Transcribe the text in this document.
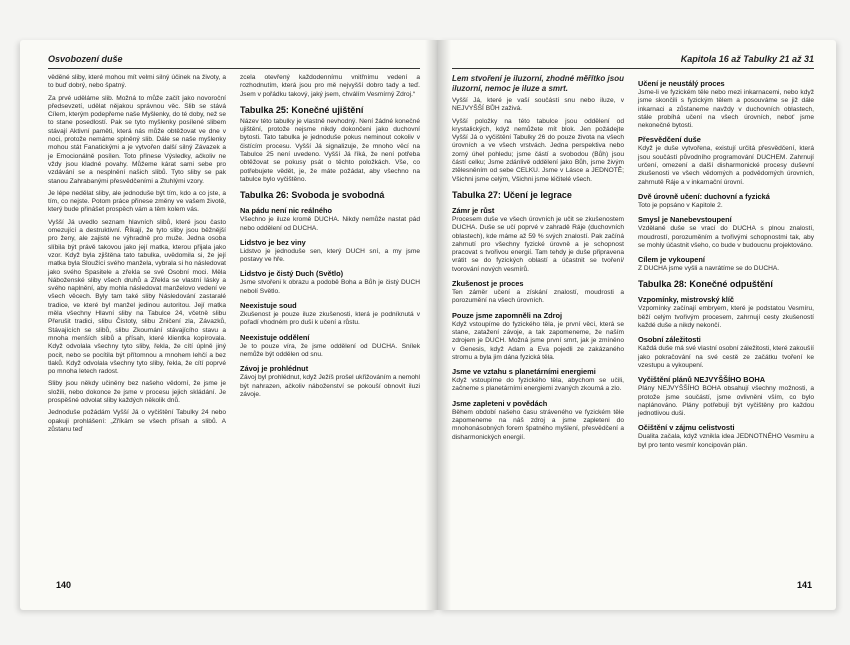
Osvobození duše

věděné sliby, které mohou mít velmi silný účinek na životy, a to buď dobrý, nebo špatný.

Za prvé uděláme slib. Možná to může začít jako novoroční předsevzetí, udělat nějakou správnou věc. Slib se stává Cílem, kterým podepřeme naše Myšlenky, do té doby, než se to stane posedlostí. Pak se tyto myšlenky posílené slibem stávají Aktivní paměti, která nás může obtěžovat ve dne v noci, protože nemáme splněný slib. Dále se naše myšlenky mohou stát Fanatickými a je vytvořen další silný Závazek a je Emocionálně posílen. Toto přinese Výsledky, ačkoliv ne vždy jsou kladné povahy. Můžeme kárat sami sebe pro vzdávání se a nesplnění našich slibů. Tyto sliby se pak stanou Zahrabanými přesvědčeními a Ztuhlými vzory.

Je lépe nedělat sliby, ale jednoduše být tím, kdo a co jste, a tím, co nejste. Potom práce přinese změny ve vašem životě, který bude přinášet prospěch vám a těm kolem vás.

Vyšší Já uvedlo seznam hlavních slibů, které jsou často omezující a destruktivní. Říkají, že tyto sliby jsou běžnější pro ženy, ale zajisté ne výhradně pro muže. Jedna osoba slíbila být právě takovou jako její matka, kterou přijala jako vzor. Když byla zjištěna tato tabulka, uvědomila si, že její matka byla Sloužící svého manžela, vybrala si ho následovat jako svého Spasitele a zřekla se své Osobní moci. Měla Náboženské sliby všech druhů a Zřekla se vlastní lásky a svého naplnění, aby mohla následovat manželovo vedení ve všech věcech. Byly tam také sliby Následování zastaralé tradice, ve které byl manžel jedinou autoritou. Její matka měla všechny Hlavní sliby na Tabulce 24, včetně slibu Přerušit tradici, slibu Čistoty, slibu Zničení zla, Závazků, Stávajících se slibů, slibu Zkoumání stávajícího stavu a mnoha menších slibů a přísah, které klientka kopírovala. Když odvolala všechny tyto sliby, řekla, že cítí úplně jiný pocit, nebo se pocítila být přítomnou a mnohem lehčí a bez tlaků. Když odvolala všechny tyto sliby, řekla, že cítí poprvé po mnoha letech radost.

Sliby jsou někdy učiněny bez našeho vědomí, že jsme je složili, nebo dokonce že jsme v procesu jejich skládání. Je prospěšné odvolat sliby každých několik dnů.

Jednoduše požádám Vyšší Já o vyčištění Tabulky 24 nebo opakuji prohlášení: „Zříkám se všech přísah a slibů. A zůstanu teď

zcela otevřený každodennímu vnitřnímu vedení a rozhodnutím, která jsou pro mě nejvyšší dobro tady a teď. Jsem v pořádku takový, jaký jsem, chválím Vesmírný Zdroj.“

Tabulka 25: Konečné ujištění

Název této tabulky je vlastně nevhodný. Není žádné konečné ujištění, protože nejsme nikdy dokončeni jako duchovní bytosti. Tato tabulka je jednoduše pokus neminout cokoliv v čistícím procesu. Vyšší Já signalizuje, že mnoho věcí na Tabulce 25 není uvedeno. Vyšší Já říká, že není potřeba obtěžovat se pokusy psát o těchto položkách. Vše, co potřebujete vědět, je, že máte požádat, aby všechno na tabulce bylo vyčištěno.

Tabulka 26: Svoboda je svobodná
Na pádu není nic reálného

Všechno je iluze kromě DUCHA. Nikdy nemůže nastat pád nebo oddělení od DUCHA.

Lidstvo je bez viny

Lidstvo je jednoduše sen, který DUCH sní, a my jsme postavy ve hře.

Lidstvo je čistý Duch (Světlo)

Jsme stvořeni k obrazu a podobě Boha a Bůh je čistý DUCH nebolí Světlo.

Neexistuje soud

Zkušenost je pouze iluze zkušenosti, která je podníknutá v pořadí vhodném pro duši k učení a růstu.

Neexistuje oddělení

Je to pouze víra, že jsme oddělení od DUCHA. Snílek nemůže být oddělen od snu.

Závoj je prohlédnut

Závoj byl prohlédnut, když Ježíš prošel ukřižováním a nemohl být nahrazen, ačkoliv náboženství se pokouší obnovit iluzi závoje.

140
Kapitola 16 až Tabulky 21 až 31

Lem stvoření je iluzorní, zhodné měřítko jsou iluzorní, nemoc je iluze a smrt.

Vyšší Já, které je vaší součástí snu nebo iluze, v NEJVYŠŠÍ BŮH zaživá.

Vyšší položky na této tabulce jsou oddělení od krystalických, když nemůžete mít blok. Jen požádejte Vyšší Já o vyčištění Tabulky 26 do pouze života na všech úrovních a ve všech vrstvách. Jedna perspektiva nebo zorný úhel pohledu; jsme částí a svobodou (Bůh) jsou částí celku; Jsme zdánlivě oddělení jako Bůh, jsme živým ztělesněním od sebe CELKU. Jsme v Lásce a JEDNOTĚ; Všichni jsme celým, Všichni jsme léčitelé všech.

Tabulka 27: Učení je legrace
Zámr je růst

Procesem duše ve všech úrovních je učit se zkušenostem DUCHA. Duše se učí poprvé v zahradě Ráje (duchovních oblastech), kde máme až 59 % svých znalostí. Pak začíná zahrnutí pro všechny fyzické úrovně a je schopnost pracovat s tvořivou energií. Tam tehdy je duše připravena vrátit se do fyzických oblastí a účastnit se tvoření/ tvorování nových vesmírů.

Zkušenost je proces

Ten záměr učení a získání znalostí, moudrosti a porozumění na všech úrovních.

Pouze jsme zapomněli na Zdroj

Když vstoupíme do fyzického těla, je první věcí, která se stane, zatažení závoje, a tak zapomeneme, že naším zdrojem je DUCH. Možná jsme první smrt, jak je zmíněno v Genesis, když Adam a Eva pojedli ze zakázaného stromu a byla jim dána fyzická těla.

Jsme ve vztahu s planetárními energiemi

Když vstoupíme do fyzického těla, abychom se učili, začneme s planetárními energiemi zvaných zkoumá a zlo.

Jsme zapleteni v povědách

Během období našeho času stráveného ve fyzickém těle zapomeneme na náš zdroj a jsme zapleteni do mnohonásobných forem špatného myšlení, přesvědčení a disharmonických energií.

Učení je neustálý proces

Jsme-li ve fyzickém těle nebo mezi inkarnacemi, nebo když jsme skončili s fyzickým tělem a posouváme se již dále inkarnaci a zůstaneme navždy v duchovních oblastech, stále probíhá učení na všech úrovních, neboť jsme nekonečné bytosti.

Přesvědčení duše

Když je duše vytvořena, existují určitá přesvědčení, která jsou součástí původního programování DUCHEM. Zahrnují určení, omezení a další disharmonické procesy duševní zkušenosti ve všech vědomých a podvědomých úrovních, zahrnutě Ráje a v inkarnační úrovní.

Dvě úrovně učení: duchovní a fyzická

Toto je popsáno v Kapitole 2.

Smysl je Nanebevstoupení

Vzdělané duše se vrací do DUCHA s plnou znalostí, moudrostí, porozuměním a tvořivými schopnostmi tak, aby se mohly účastnit všeho, co bude v budoucnu projektováno.

Cílem je vykoupení

Z DUCHA jsme vyšli a navrátíme se do DUCHA.

Tabulka 28: Konečné odpuštění
Vzpomínky, mistrovský klíč

Vzpomínky začínají embryem, které je podstatou Vesmíru, běží celým tvořivým procesem, zahrnují cesty zkušeností každé duše a nikdy nekončí.

Osobní záležitosti

Každá duše má své vlastní osobní záležitosti, které zakoušíí jako pokračování na své cestě ze začátku tvoření ke vzestupu a vykoupení.

Vyčištění plánů NEJVYŠŠÍHO BOHA

Plány NEJVYŠŠÍHO BOHA obsahují všechny možnosti, a protože jsme součástí, jsme ovlivněni vším, co bylo naplánováno. Plány potřebují být vyčištěny pro každou jednotlivou duši.

Očištění v zájmu celistvosti

Dualita začala, když vznikla idea JEDNOTNÉHO Vesmíru a byl pro tento vesmír koncipován plán.

141
